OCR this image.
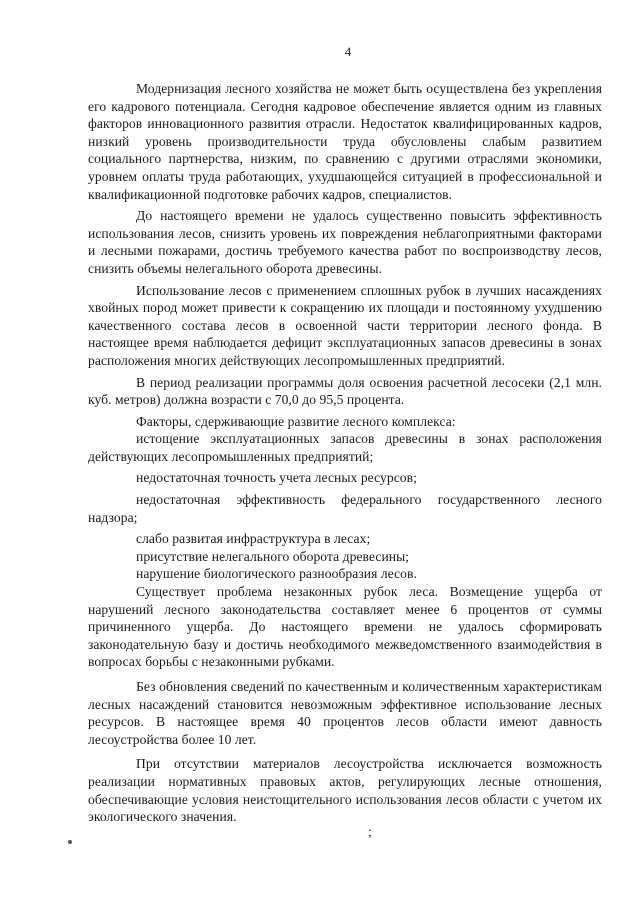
4

Модернизация лесного хозяйства не может быть осуществлена без укрепления его кадрового потенциала. Сегодня кадровое обеспечение является одним из главных факторов инновационного развития отрасли. Недостаток квалифицированных кадров, низкий уровень производительности труда обусловлены слабым развитием социального партнерства, низким, по сравнению с другими отраслями экономики, уровнем оплаты труда работающих, ухудшающейся ситуацией в профессиональной и квалификационной подготовке рабочих кадров, специалистов.

До настоящего времени не удалось существенно повысить эффективность использования лесов, снизить уровень их повреждения неблагоприятными факторами и лесными пожарами, достичь требуемого качества работ по воспроизводству лесов, снизить объемы нелегального оборота древесины.

Использование лесов с применением сплошных рубок в лучших насаждениях хвойных пород может привести к сокращению их площади и постоянному ухудшению качественного состава лесов в освоенной части территории лесного фонда. В настоящее время наблюдается дефицит эксплуатационных запасов древесины в зонах расположения многих действующих лесопромышленных предприятий.

В период реализации программы доля освоения расчетной лесосеки (2,1 млн. куб. метров) должна возрасти с 70,0 до 95,5 процента.

Факторы, сдерживающие развитие лесного комплекса:

истощение эксплуатационных запасов древесины в зонах расположения действующих лесопромышленных предприятий;

недостаточная точность учета лесных ресурсов;

недостаточная эффективность федерального государственного лесного надзора;

слабо развитая инфраструктура в лесах;

присутствие нелегального оборота древесины;

нарушение биологического разнообразия лесов.

Существует проблема незаконных рубок леса. Возмещение ущерба от нарушений лесного законодательства составляет менее 6 процентов от суммы причиненного ущерба. До настоящего времени не удалось сформировать законодательную базу и достичь необходимого межведомственного взаимодействия в вопросах борьбы с незаконными рубками.

Без обновления сведений по качественным и количественным характеристикам лесных насаждений становится невозможным эффективное использование лесных ресурсов. В настоящее время 40 процентов лесов области имеют давность лесоустройства более 10 лет.

При отсутствии материалов лесоустройства исключается возможность реализации нормативных правовых актов, регулирующих лесные отношения, обеспечивающие условия неистощительного использования лесов области с учетом их экологического значения.

;
